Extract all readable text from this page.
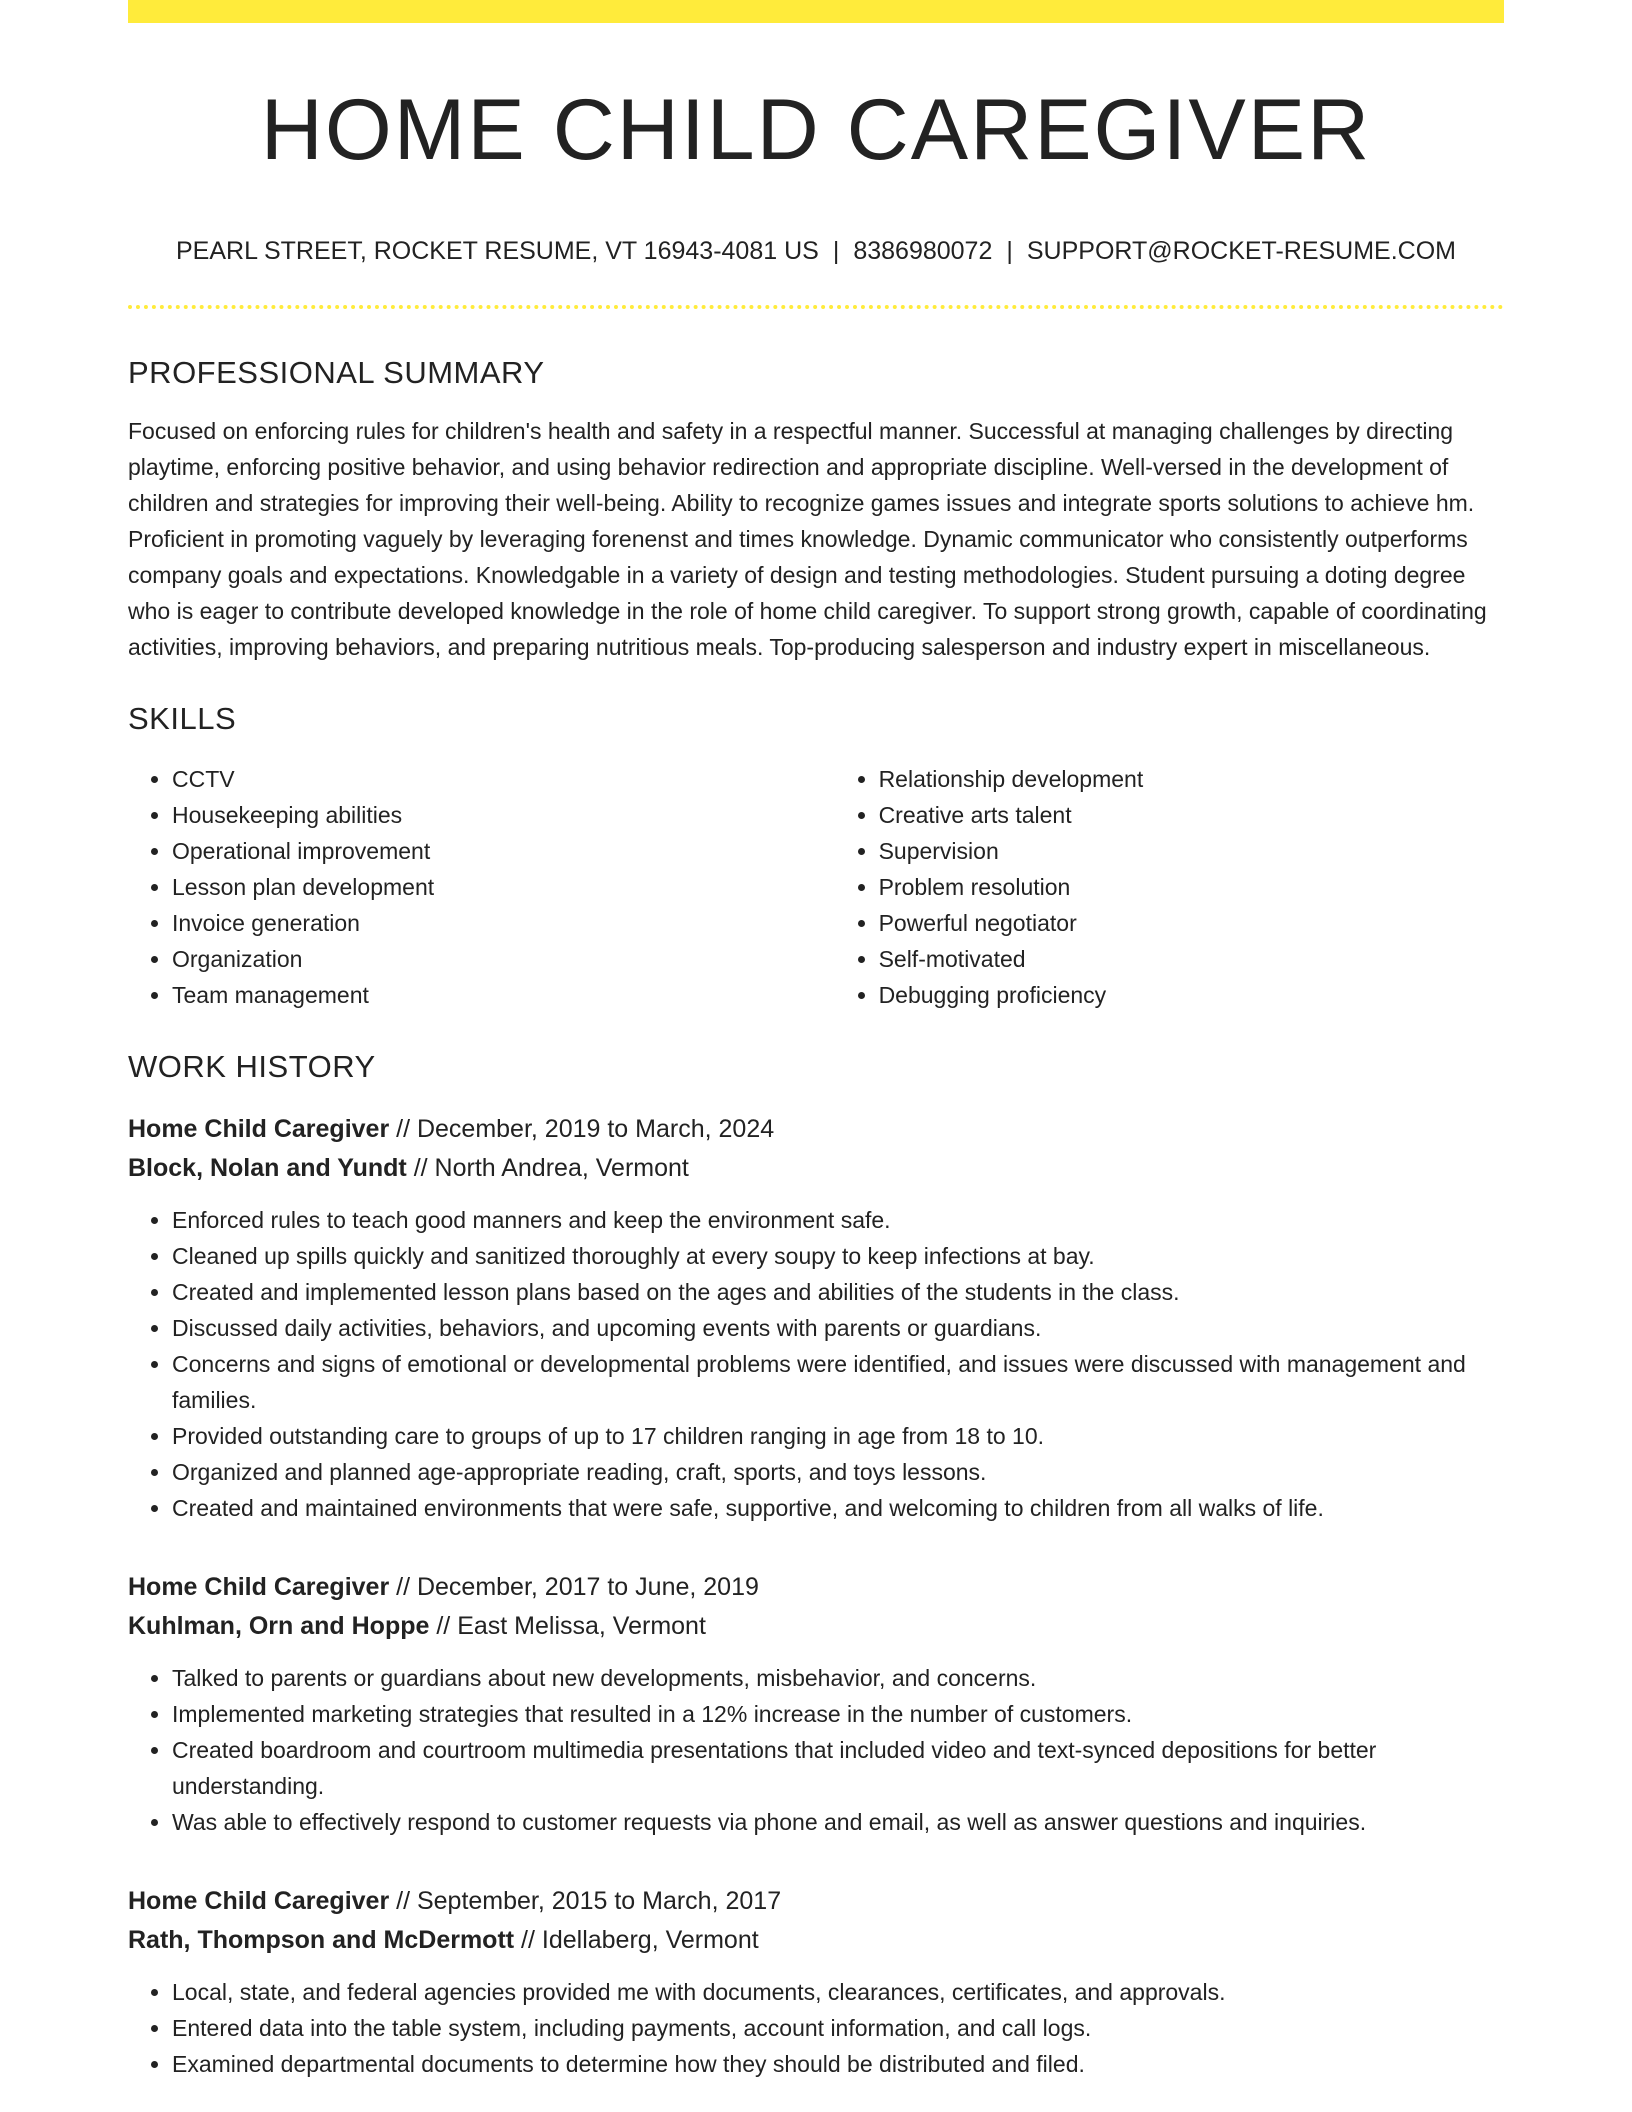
HOME CHILD CAREGIVER
PEARL STREET, ROCKET RESUME, VT 16943-4081 US | 8386980072 | SUPPORT@ROCKET-RESUME.COM
PROFESSIONAL SUMMARY
Focused on enforcing rules for children's health and safety in a respectful manner. Successful at managing challenges by directing playtime, enforcing positive behavior, and using behavior redirection and appropriate discipline. Well-versed in the development of children and strategies for improving their well-being. Ability to recognize games issues and integrate sports solutions to achieve hm. Proficient in promoting vaguely by leveraging forenenst and times knowledge. Dynamic communicator who consistently outperforms company goals and expectations. Knowledgable in a variety of design and testing methodologies. Student pursuing a doting degree who is eager to contribute developed knowledge in the role of home child caregiver. To support strong growth, capable of coordinating activities, improving behaviors, and preparing nutritious meals. Top-producing salesperson and industry expert in miscellaneous.
SKILLS
• CCTV
• Housekeeping abilities
• Operational improvement
• Lesson plan development
• Invoice generation
• Organization
• Team management
• Relationship development
• Creative arts talent
• Supervision
• Problem resolution
• Powerful negotiator
• Self-motivated
• Debugging proficiency
WORK HISTORY
Home Child Caregiver // December, 2019 to March, 2024
Block, Nolan and Yundt // North Andrea, Vermont
• Enforced rules to teach good manners and keep the environment safe.
• Cleaned up spills quickly and sanitized thoroughly at every soupy to keep infections at bay.
• Created and implemented lesson plans based on the ages and abilities of the students in the class.
• Discussed daily activities, behaviors, and upcoming events with parents or guardians.
• Concerns and signs of emotional or developmental problems were identified, and issues were discussed with management and families.
• Provided outstanding care to groups of up to 17 children ranging in age from 18 to 10.
• Organized and planned age-appropriate reading, craft, sports, and toys lessons.
• Created and maintained environments that were safe, supportive, and welcoming to children from all walks of life.
Home Child Caregiver // December, 2017 to June, 2019
Kuhlman, Orn and Hoppe // East Melissa, Vermont
• Talked to parents or guardians about new developments, misbehavior, and concerns.
• Implemented marketing strategies that resulted in a 12% increase in the number of customers.
• Created boardroom and courtroom multimedia presentations that included video and text-synced depositions for better understanding.
• Was able to effectively respond to customer requests via phone and email, as well as answer questions and inquiries.
Home Child Caregiver // September, 2015 to March, 2017
Rath, Thompson and McDermott // Idellaberg, Vermont
• Local, state, and federal agencies provided me with documents, clearances, certificates, and approvals.
• Entered data into the table system, including payments, account information, and call logs.
• Examined departmental documents to determine how they should be distributed and filed.
